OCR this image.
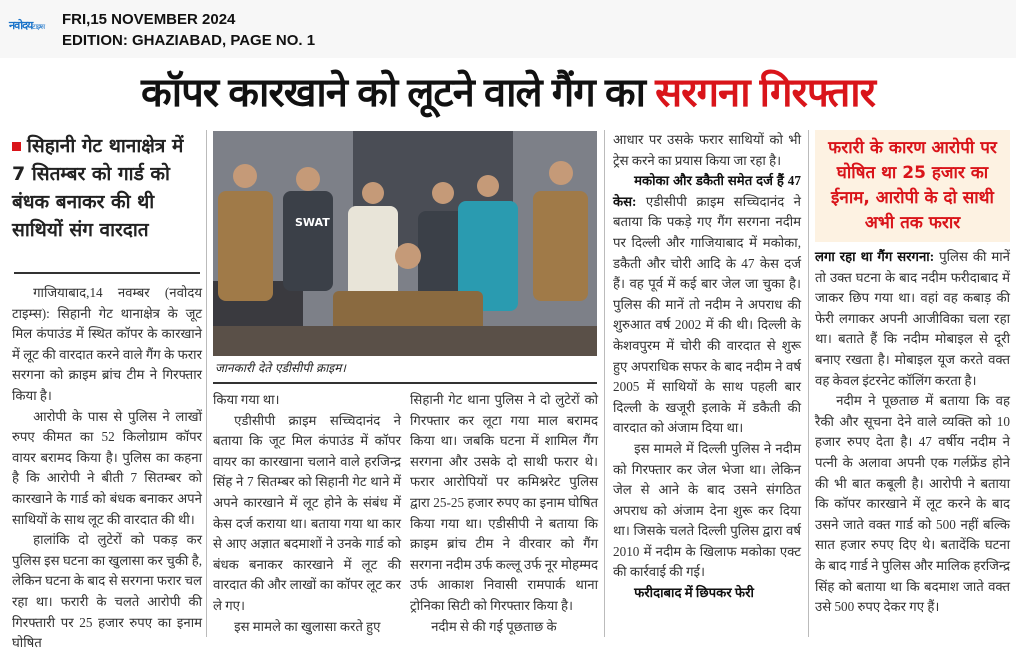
नवोदयटाइम्स FRI,15 NOVEMBER 2024
EDITION: GHAZIABAD, PAGE NO. 1
कॉपर कारखाने को लूटने वाले गैंग का सरगना गिरफ्तार
सिहानी गेट थानाक्षेत्र में 7 सितम्बर को गार्ड को बंधक बनाकर की थी साथियों संग वारदात

गाजियाबाद,14 नवम्बर (नवोदय टाइम्स): सिहानी गेट थानाक्षेत्र के जूट मिल कंपाउंड में स्थित कॉपर के कारखाने में लूट की वारदात करने वाले गैंग के फरार सरगना को क्राइम ब्रांच टीम ने गिरफ्तार किया है।

आरोपी के पास से पुलिस ने लाखों रुपए कीमत का 52 किलोग्राम कॉपर वायर बरामद किया है। पुलिस का कहना है कि आरोपी ने बीती 7 सितम्बर को कारखाने के गार्ड को बंधक बनाकर अपने साथियों के साथ लूट की वारदात की थी।

हालांकि दो लुटेरों को पकड़ कर पुलिस इस घटना का खुलासा कर चुकी है, लेकिन घटना के बाद से सरगना फरार चल रहा था। फरारी के चलते आरोपी की गिरफ्तारी पर 25 हजार रुपए का इनाम घोषित

SWAT
जानकारी देते एडीसीपी क्राइम।

किया गया था।

एडीसीपी क्राइम सच्चिदानंद ने बताया कि जूट मिल कंपाउंड में कॉपर वायर का कारखाना चलाने वाले हरजिन्द्र सिंह ने 7 सितम्बर को सिहानी गेट थाने में अपने कारखाने में लूट होने के संबंध में केस दर्ज कराया था। बताया गया था कार से आए अज्ञात बदमाशों ने उनके गार्ड को बंधक बनाकर कारखाने में लूट की वारदात की और लाखों का कॉपर लूट कर ले गए।

इस मामले का खुलासा करते हुए

सिहानी गेट थाना पुलिस ने दो लुटेरों को गिरफ्तार कर लूटा गया माल बरामद किया था। जबकि घटना में शामिल गैंग सरगना और उसके दो साथी फरार थे। फरार आरोपियों पर कमिश्नरेट पुलिस द्वारा 25-25 हजार रुपए का इनाम घोषित किया गया था। एडीसीपी ने बताया कि क्राइम ब्रांच टीम ने वीरवार को गैंग सरगना नदीम उर्फ कल्लू उर्फ नूर मोहम्मद उर्फ आकाश निवासी रामपार्क थाना ट्रोनिका सिटी को गिरफ्तार किया है।

नदीम से की गई पूछताछ के

आधार पर उसके फरार साथियों को भी ट्रेस करने का प्रयास किया जा रहा है।

मकोका और डकैती समेत दर्ज हैं 47 केस: एडीसीपी क्राइम सच्चिदानंद ने बताया कि पकड़े गए गैंग सरगना नदीम पर दिल्ली और गाजियाबाद में मकोका, डकैती और चोरी आदि के 47 केस दर्ज हैं। वह पूर्व में कई बार जेल जा चुका है। पुलिस की मानें तो नदीम ने अपराध की शुरुआत वर्ष 2002 में की थी। दिल्ली के केशवपुरम में चोरी की वारदात से शुरू हुए अपराधिक सफर के बाद नदीम ने वर्ष 2005 में साथियों के साथ पहली बार दिल्ली के खजूरी इलाके में डकैती की वारदात को अंजाम दिया था।

इस मामले में दिल्ली पुलिस ने नदीम को गिरफ्तार कर जेल भेजा था। लेकिन जेल से आने के बाद उसने संगठित अपराध को अंजाम देना शुरू कर दिया था। जिसके चलते दिल्ली पुलिस द्वारा वर्ष 2010 में नदीम के खिलाफ मकोका एक्ट की कार्रवाई की गई।

फरीदाबाद में छिपकर फेरी

फरारी के कारण आरोपी पर घोषित था 25 हजार का ईनाम, आरोपी के दो साथी अभी तक फरार

लगा रहा था गैंग सरगना: पुलिस की मानें तो उक्त घटना के बाद नदीम फरीदाबाद में जाकर छिप गया था। वहां वह कबाड़ की फेरी लगाकर अपनी आजीविका चला रहा था। बताते हैं कि नदीम मोबाइल से दूरी बनाए रखता है। मोबाइल यूज करते वक्त वह केवल इंटरनेट कॉलिंग करता है।

नदीम ने पूछताछ में बताया कि वह रैकी और सूचना देने वाले व्यक्ति को 10 हजार रुपए देता है। 47 वर्षीय नदीम ने पत्नी के अलावा अपनी एक गर्लफ्रेंड होने की भी बात कबूली है। आरोपी ने बताया कि कॉपर कारखाने में लूट करने के बाद उसने जाते वक्त गार्ड को 500 नहीं बल्कि सात हजार रुपए दिए थे। बतादेंकि घटना के बाद गार्ड ने पुलिस और मालिक हरजिन्द्र सिंह को बताया था कि बदमाश जाते वक्त उसे 500 रुपए देकर गए हैं।
